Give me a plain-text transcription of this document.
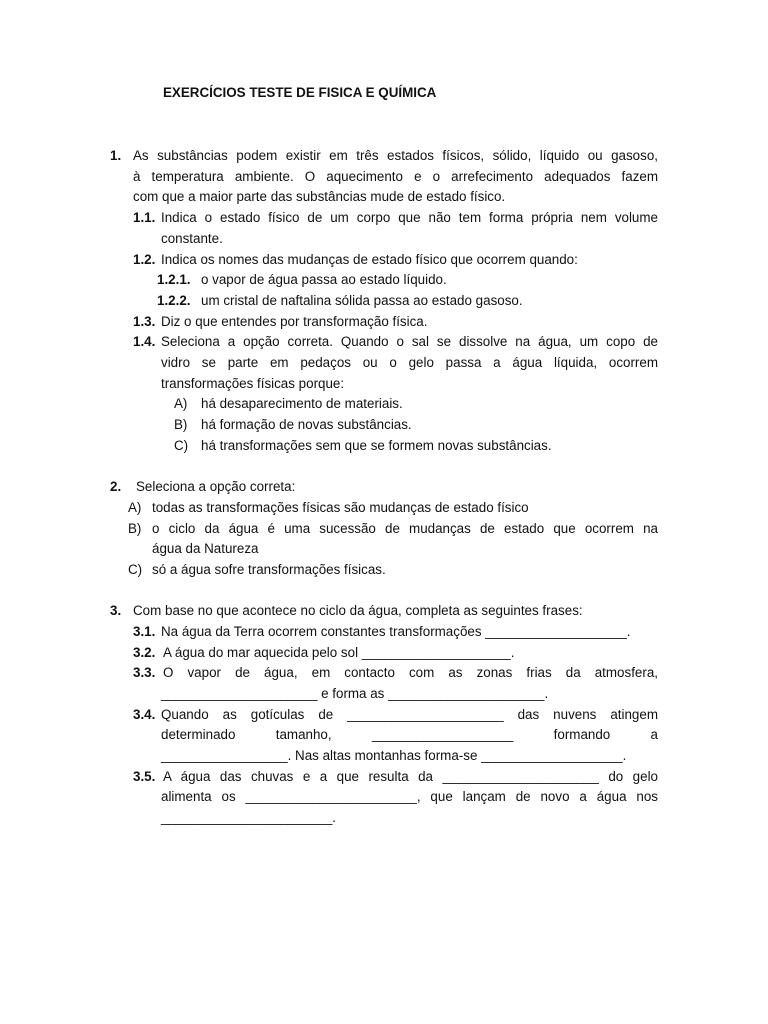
EXERCÍCIOS TESTE DE FISICA E QUÍMICA
1. As substâncias podem existir em três estados físicos, sólido, líquido ou gasoso,
à temperatura ambiente. O aquecimento e o arrefecimento adequados fazem
com que a maior parte das substâncias mude de estado físico.
1.1. Indica o estado físico de um corpo que não tem forma própria nem volume
constante.
1.2. Indica os nomes das mudanças de estado físico que ocorrem quando:
1.2.1. o vapor de água passa ao estado líquido.
1.2.2. um cristal de naftalina sólida passa ao estado gasoso.
1.3. Diz o que entendes por transformação física.
1.4. Seleciona a opção correta. Quando o sal se dissolve na água, um copo de
vidro se parte em pedaços ou o gelo passa a água líquida, ocorrem
transformações físicas porque:
A) há desaparecimento de materiais.
B) há formação de novas substâncias.
C) há transformações sem que se formem novas substâncias.
2. Seleciona a opção correta:
A) todas as transformações físicas são mudanças de estado físico
B) o ciclo da água é uma sucessão de mudanças de estado que ocorrem na
água da Natureza
C) só a água sofre transformações físicas.
3. Com base no que acontece no ciclo da água, completa as seguintes frases:
3.1. Na água da Terra ocorrem constantes transformações ___________________.
3.2. A água do mar aquecida pelo sol ____________________.
3.3. O vapor de água, em contacto com as zonas frias da atmosfera,
_____________________ e forma as _____________________.
3.4. Quando as gotículas de _____________________ das nuvens atingem
determinado tamanho, ___________________ formando a
_________________. Nas altas montanhas forma-se ___________________.
3.5. A água das chuvas e a que resulta da _____________________ do gelo
alimenta os _______________________, que lançam de novo a água nos
_______________________.
